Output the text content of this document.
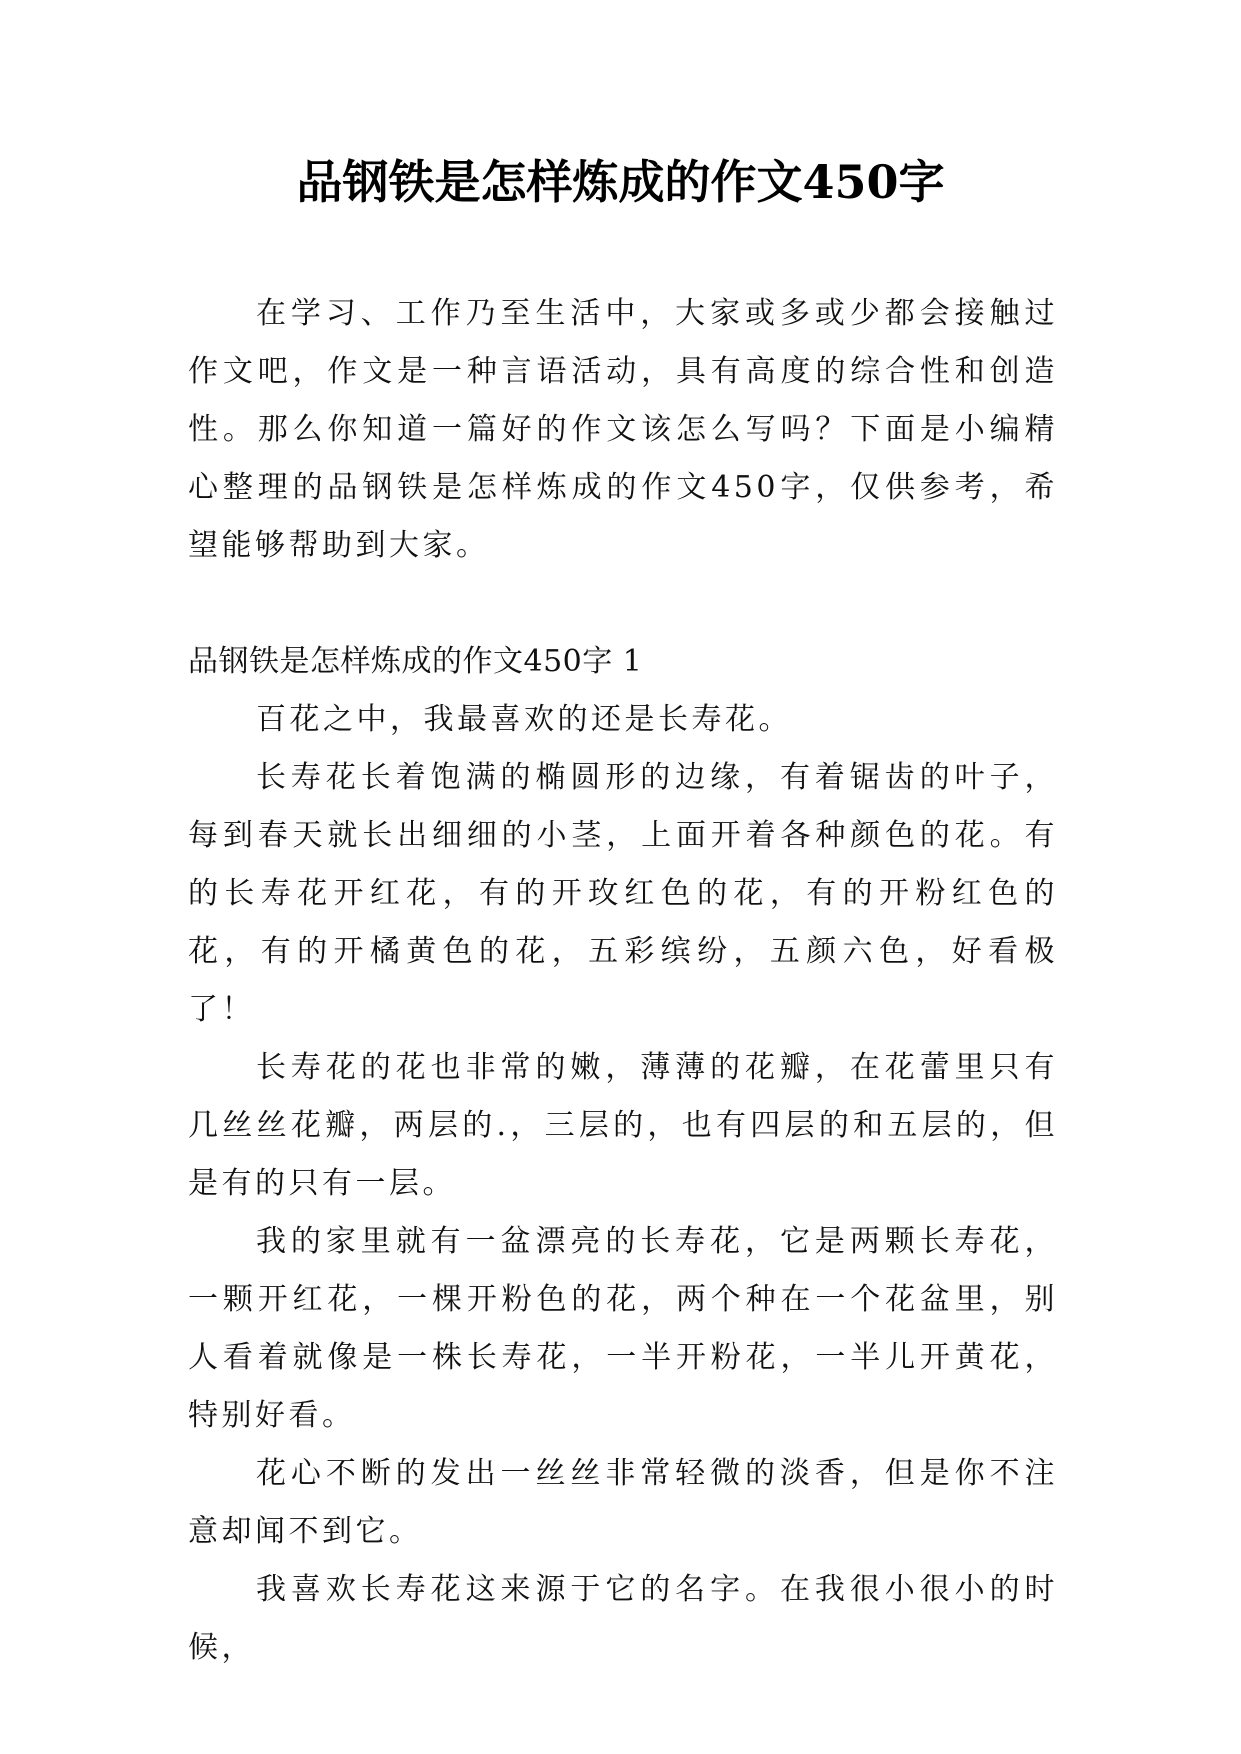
品钢铁是怎样炼成的作文450字

在学习、工作乃至生活中，大家或多或少都会接触过作文吧，作文是一种言语活动，具有高度的综合性和创造性。那么你知道一篇好的作文该怎么写吗？下面是小编精心整理的品钢铁是怎样炼成的作文450字，仅供参考，希望能够帮助到大家。

品钢铁是怎样炼成的作文450字 1

百花之中，我最喜欢的还是长寿花。

长寿花长着饱满的椭圆形的边缘，有着锯齿的叶子，每到春天就长出细细的小茎，上面开着各种颜色的花。有的长寿花开红花，有的开玫红色的花，有的开粉红色的花，有的开橘黄色的花，五彩缤纷，五颜六色，好看极了！

长寿花的花也非常的嫩，薄薄的花瓣，在花蕾里只有几丝丝花瓣，两层的.，三层的，也有四层的和五层的，但是有的只有一层。

我的家里就有一盆漂亮的长寿花，它是两颗长寿花，一颗开红花，一棵开粉色的花，两个种在一个花盆里，别人看着就像是一株长寿花，一半开粉花，一半儿开黄花，特别好看。

花心不断的发出一丝丝非常轻微的淡香，但是你不注意却闻不到它。

我喜欢长寿花这来源于它的名字。在我很小很小的时候，
